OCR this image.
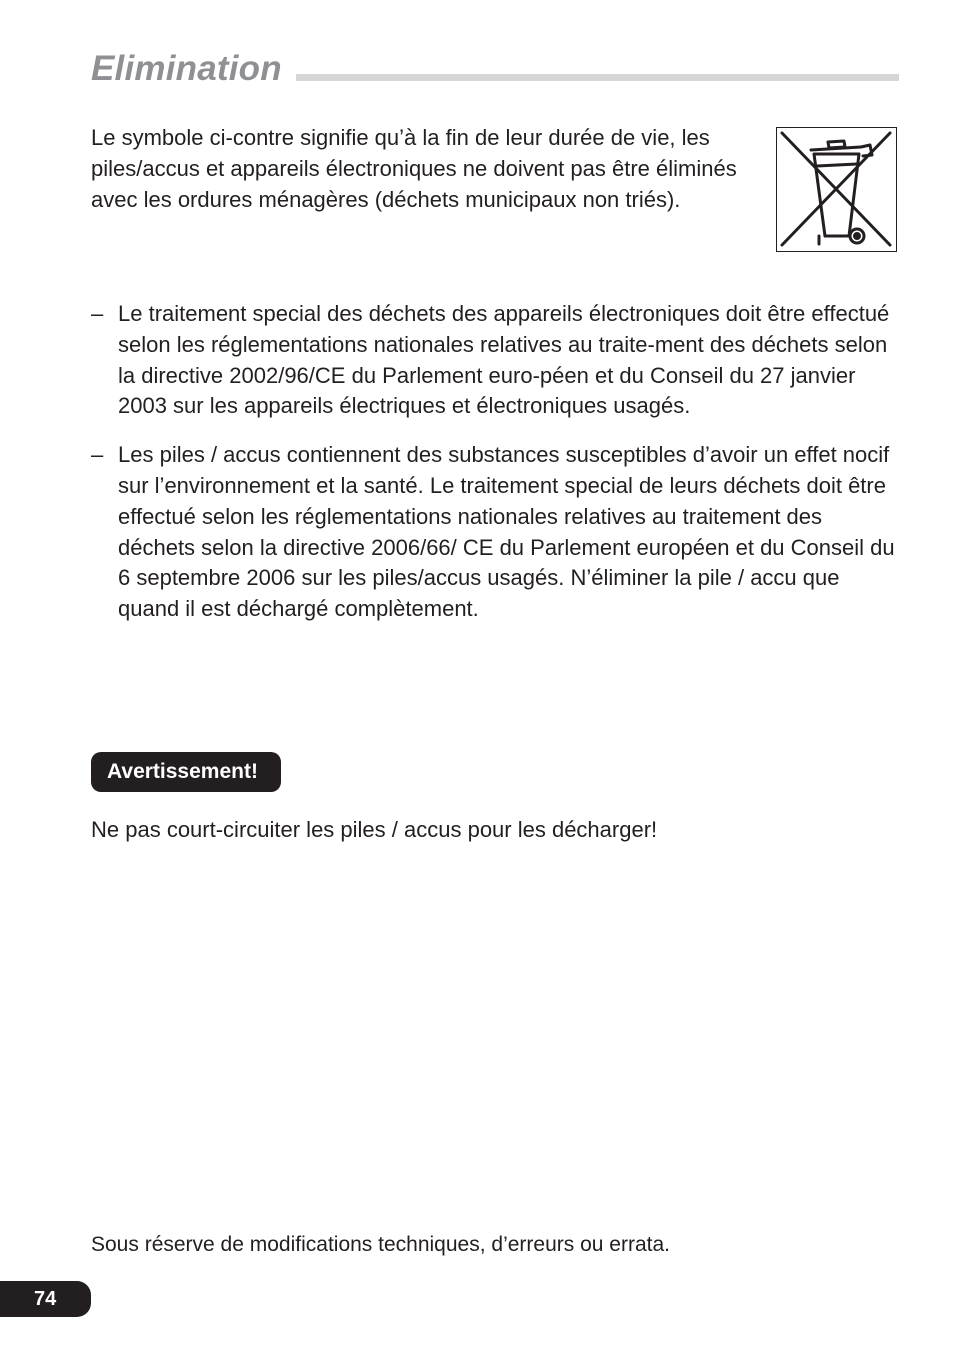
Elimination

Le symbole ci-contre signifie qu’à la fin de leur durée de vie, les piles/accus et appareils électroniques ne doivent pas être éliminés avec les ordures ménagères (déchets municipaux non triés).

– Le traitement special des déchets des appareils électroniques doit être effectué selon les réglementations nationales relatives au traite-ment des déchets selon la directive 2002/96/CE du Parlement euro-péen et du Conseil du 27 janvier 2003 sur les appareils électriques et électroniques usagés.
– Les piles / accus contiennent des substances susceptibles d’avoir un effet nocif sur l’environnement et la santé. Le traitement special de leurs déchets doit être effectué selon les réglementations nationales relatives au traitement des déchets selon la directive 2006/66/ CE du Parlement européen et du Conseil du 6 septembre 2006 sur les piles/accus usagés. N’éliminer la pile / accu que quand il est déchargé complètement.
Avertissement!

Ne pas court-circuiter les piles / accus pour les décharger!

Sous réserve de modifications techniques, d’erreurs ou errata.

74
